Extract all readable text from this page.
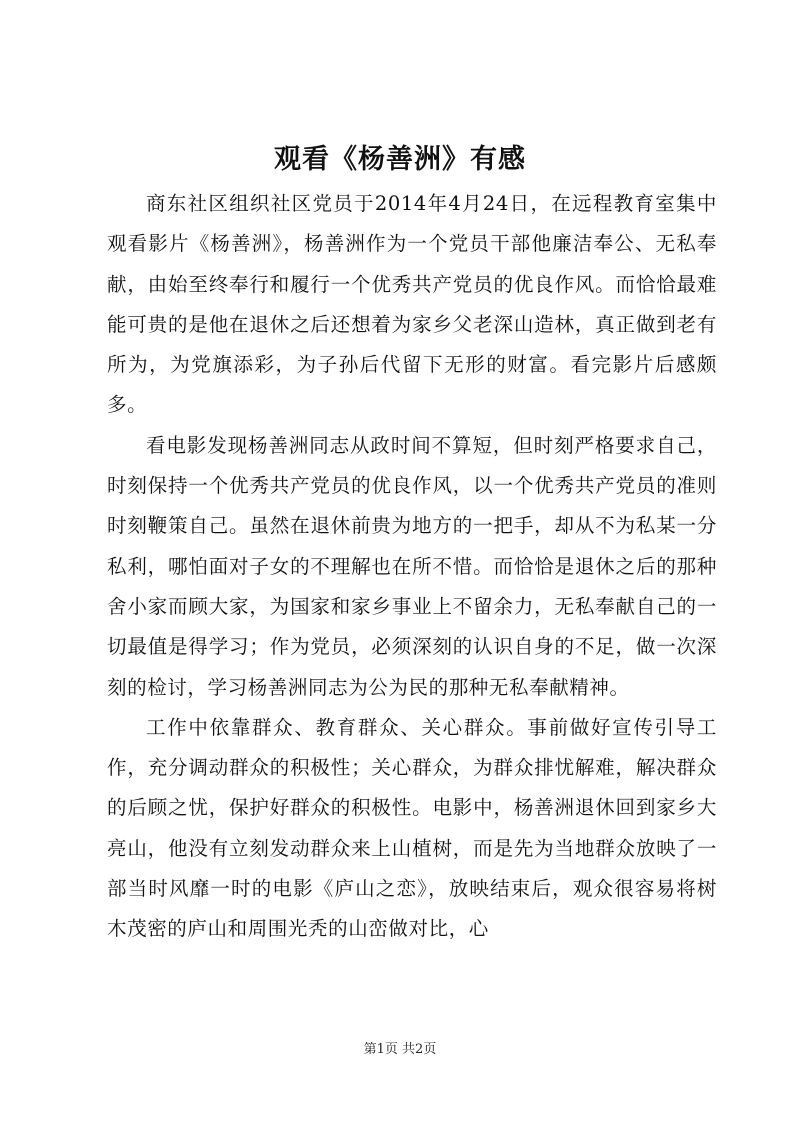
观看《杨善洲》有感

商东社区组织社区党员于2014年4月24日，在远程教育室集中观看影片《杨善洲》，杨善洲作为一个党员干部他廉洁奉公、无私奉献，由始至终奉行和履行一个优秀共产党员的优良作风。而恰恰最难能可贵的是他在退休之后还想着为家乡父老深山造林，真正做到老有所为，为党旗添彩，为子孙后代留下无形的财富。看完影片后感颇多。

看电影发现杨善洲同志从政时间不算短，但时刻严格要求自己，时刻保持一个优秀共产党员的优良作风，以一个优秀共产党员的准则时刻鞭策自己。虽然在退休前贵为地方的一把手，却从不为私某一分私利，哪怕面对子女的不理解也在所不惜。而恰恰是退休之后的那种舍小家而顾大家，为国家和家乡事业上不留余力，无私奉献自己的一切最值是得学习；作为党员，必须深刻的认识自身的不足，做一次深刻的检讨，学习杨善洲同志为公为民的那种无私奉献精神。

工作中依靠群众、教育群众、关心群众。事前做好宣传引导工作，充分调动群众的积极性；关心群众，为群众排忧解难，解决群众的后顾之忧，保护好群众的积极性。电影中，杨善洲退休回到家乡大亮山，他没有立刻发动群众来上山植树，而是先为当地群众放映了一部当时风靡一时的电影《庐山之恋》，放映结束后，观众很容易将树木茂密的庐山和周围光秃的山峦做对比，心

第1页 共2页
